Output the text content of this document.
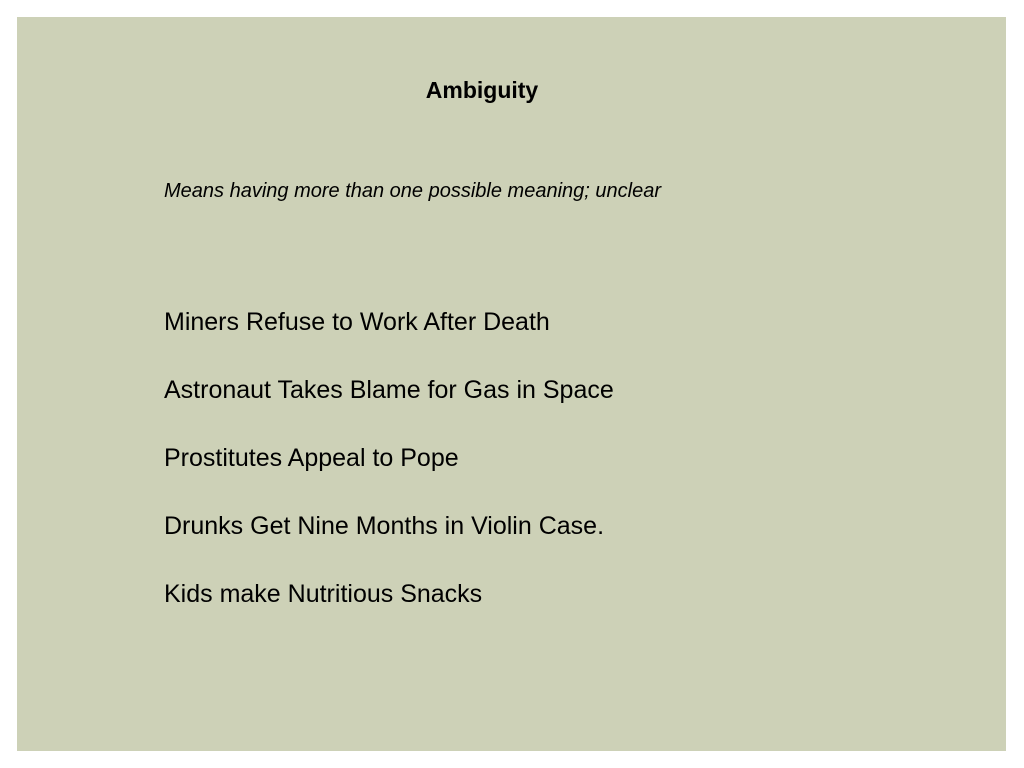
Ambiguity
Means having more than one possible meaning; unclear
Miners Refuse to Work After Death
Astronaut Takes Blame for Gas in Space
Prostitutes Appeal to Pope
Drunks Get Nine Months in Violin Case.
Kids make Nutritious Snacks
